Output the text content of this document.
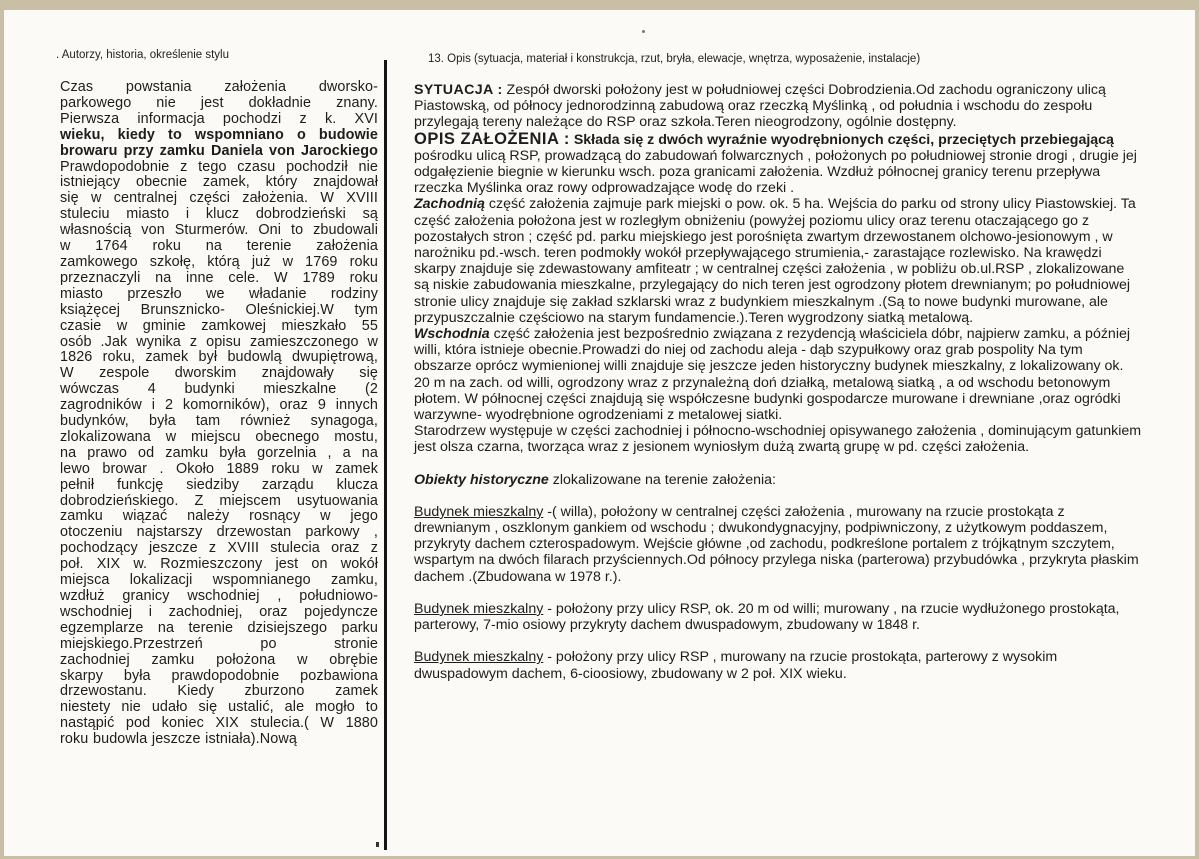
. Autorzy, historia, określenie stylu	13. Opis (sytuacja, materiał i konstrukcja, rzut, bryła, elewacje, wnętrza, wyposażenie, instalacje)

Czas powstania założenia dworsko-

parkowego nie jest dokładnie znany.

Pierwsza informacja pochodzi z k. XVI

wieku, kiedy to wspomniano o budowie

browaru przy zamku Daniela von Jarockiego

Prawdopodobnie z tego czasu pochodził nie

istniejący obecnie zamek, który znajdował

się w centralnej części założenia. W XVIII

stuleciu miasto i klucz dobrodzieński są

własnością von Sturmerów. Oni to zbudowali

w 1764 roku na terenie założenia

zamkowego szkołę, którą już w 1769 roku

przeznaczyli na inne cele. W 1789 roku

miasto przeszło we władanie rodziny

książęcej Brunsznicko- Oleśnickiej.W tym

czasie w gminie zamkowej mieszkało 55

osób .Jak wynika z opisu zamieszczonego w

1826 roku, zamek był budowlą dwupiętrową,

W zespole dworskim znajdowały się

wówczas 4 budynki mieszkalne (2

zagrodników i 2 komorników), oraz 9 innych

budynków, była tam również synagoga,

zlokalizowana w miejscu obecnego mostu,

na prawo od zamku była gorzelnia , a na

lewo browar . Około 1889 roku w zamek

pełnił funkcję siedziby zarządu klucza

dobrodzieńskiego. Z miejscem usytuowania

zamku wiązać należy rosnący w jego

otoczeniu najstarszy drzewostan parkowy ,

pochodzący jeszcze z XVIII stulecia oraz z

poł. XIX w. Rozmieszczony jest on wokół

miejsca lokalizacji wspomnianego zamku,

wzdłuż granicy wschodniej , południowo-

wschodniej i zachodniej, oraz pojedyncze

egzemplarze na terenie dzisiejszego parku

miejskiego.Przestrzeń po stronie

zachodniej zamku położona w obrębie

skarpy była prawdopodobnie pozbawiona

drzewostanu. Kiedy zburzono zamek

niestety nie udało się ustalić, ale mogło to

nastąpić pod koniec XIX stulecia.( W 1880

roku budowla jeszcze istniała).Nową

SYTUACJA : Zespół dworski położony jest w południowej części Dobrodzienia.Od zachodu ograniczony ulicą Piastowską, od północy jednorodzinną zabudową oraz rzeczką Myślinką , od południa i wschodu do zespołu przylegają tereny należące do RSP oraz szkoła.Teren nieogrodzony, ogólnie dostępny.

OPIS ZAŁOŻENIA : Składa się z dwóch wyraźnie wyodrębnionych części, przeciętych przebiegającą pośrodku ulicą RSP, prowadzącą do zabudowań folwarcznych , położonych po południowej stronie drogi , drugie jej odgałęzienie biegnie w kierunku wsch. poza granicami założenia. Wzdłuż północnej granicy terenu przepływa rzeczka Myślinka oraz rowy odprowadzające wodę do rzeki .

Zachodnią część założenia zajmuje park miejski o pow. ok. 5 ha. Wejścia do parku od strony ulicy Piastowskiej. Ta część założenia położona jest w rozległym obniżeniu (powyżej poziomu ulicy oraz terenu otaczającego go z pozostałych stron ; część pd. parku miejskiego jest porośnięta zwartym drzewostanem olchowo-jesionowym , w narożniku pd.-wsch. teren podmokły wokół przepływającego strumienia,- zarastające rozlewisko. Na krawędzi skarpy znajduje się zdewastowany amfiteatr ; w centralnej części założenia , w pobliżu ob.ul.RSP , zlokalizowane są niskie zabudowania mieszkalne, przylegający do nich teren jest ogrodzony płotem drewnianym; po południowej stronie ulicy znajduje się zakład szklarski wraz z budynkiem mieszkalnym .(Są to nowe budynki murowane, ale przypuszczalnie częściowo na starym fundamencie.).Teren wygrodzony siatką metalową.

Wschodnia część założenia jest bezpośrednio związana z rezydencją właściciela dóbr, najpierw zamku, a później willi, która istnieje obecnie.Prowadzi do niej od zachodu aleja - dąb szypułkowy oraz grab pospolity Na tym obszarze oprócz wymienionej willi znajduje się jeszcze jeden historyczny budynek mieszkalny, z lokalizowany ok. 20 m na zach. od willi, ogrodzony wraz z przynależną doń działką, metalową siatką , a od wschodu betonowym płotem. W północnej części znajdują się współczesne budynki gospodarcze murowane i drewniane ,oraz ogródki warzywne- wyodrębnione ogrodzeniami z metalowej siatki.

Starodrzew występuje w części zachodniej i północno-wschodniej opisywanego założenia , dominującym gatunkiem jest olsza czarna, tworząca wraz z jesionem wyniosłym dużą zwartą grupę w pd. części założenia.

Obiekty historyczne zlokalizowane na terenie założenia:

Budynek mieszkalny -( willa), położony w centralnej części założenia , murowany na rzucie prostokąta z drewnianym , oszklonym gankiem od wschodu ; dwukondygnacyjny, podpiwniczony, z użytkowym poddaszem, przykryty dachem czterospadowym. Wejście główne ,od zachodu, podkreślone portalem z trójkątnym szczytem, wspartym na dwóch filarach przyściennych.Od północy przylega niska (parterowa) przybudówka , przykryta płaskim dachem .(Zbudowana w 1978 r.).

Budynek mieszkalny - położony przy ulicy RSP, ok. 20 m od willi; murowany , na rzucie wydłużonego prostokąta, parterowy, 7-mio osiowy przykryty dachem dwuspadowym, zbudowany w 1848 r.

Budynek mieszkalny - położony przy ulicy RSP , murowany na rzucie prostokąta, parterowy z wysokim dwuspadowym dachem, 6-cioosiowy, zbudowany w 2 poł. XIX wieku.
